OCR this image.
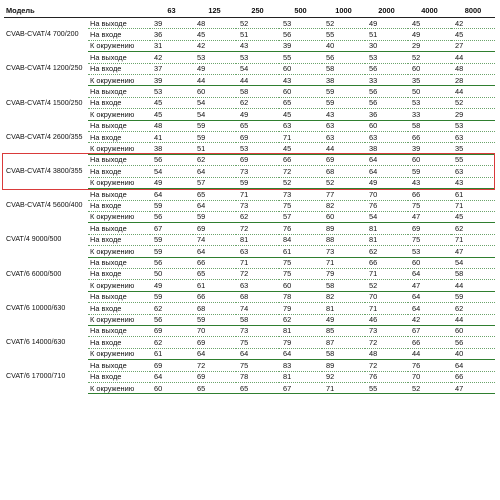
Модель		63	125	250	500	1000	2000	4000	8000
CVAB-CVAT/4 700/200	На выходе	39	48	52	53	52	49	45	42
	На входе	36	45	51	56	55	51	49	45
	К окружению	31	42	43	39	40	30	29	27
CVAB-CVAT/4 1200/250	На выходе	42	53	53	55	56	53	52	44
	На входе	37	49	54	60	58	56	60	48
	К окружению	39	44	44	43	38	33	35	28
CVAB-CVAT/4 1500/250	На выходе	53	60	58	60	59	56	50	44
	На входе	45	54	62	65	59	56	53	52
	К окружению	45	54	49	45	43	36	33	29
CVAB-CVAT/4 2600/355	На выходе	48	59	65	63	63	60	58	53
	На входе	41	59	69	71	63	63	66	63
	К окружению	38	51	53	45	44	38	39	35
CVAB-CVAT/4 3800/355	На выходе	56	62	69	66	69	64	60	55
	На входе	54	64	73	72	68	64	59	63
	К окружению	49	57	59	52	52	49	43	43
CVAB-CVAT/4 5600/400	На выходе	64	65	71	73	77	70	66	61
	На входе	59	64	73	75	82	76	75	71
	К окружению	56	59	62	57	60	54	47	45
CVAT/4 9000/500	На выходе	67	69	72	76	89	81	69	62
	На входе	59	74	81	84	88	81	75	71
	К окружению	59	64	63	61	73	62	53	47
CVAT/6 6000/500	На выходе	56	66	71	75	71	66	60	54
	На входе	50	65	72	75	79	71	64	58
	К окружению	49	61	63	60	58	52	47	44
CVAT/6 10000/630	На выходе	59	66	68	78	82	70	64	59
	На входе	62	68	74	79	81	71	64	62
	К окружению	56	59	58	62	49	46	42	44
CVAT/6 14000/630	На выходе	69	70	73	81	85	73	67	60
	На входе	62	69	75	79	87	72	66	56
	К окружению	61	64	64	64	58	48	44	40
CVAT/6 17000/710	На выходе	69	72	75	83	89	72	76	64
	На входе	64	69	78	81	92	76	70	66
	К окружению	60	65	65	67	71	55	52	47
